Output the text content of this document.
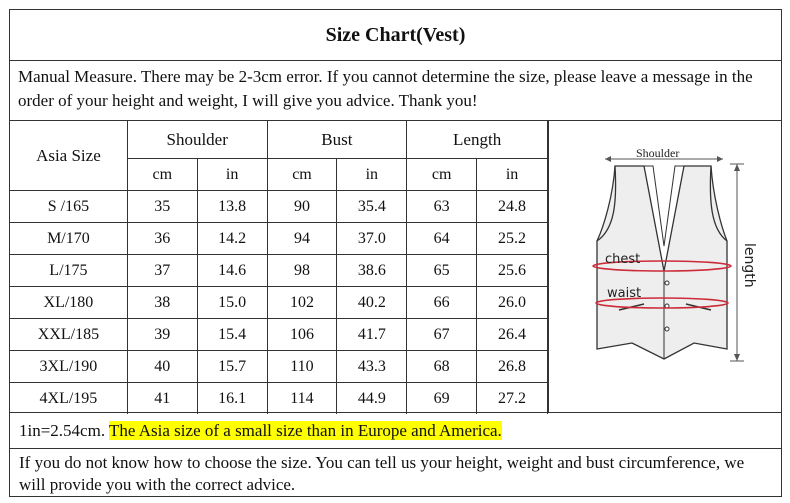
Size Chart(Vest)
Manual Measure. There may be 2-3cm error. If you cannot determine the size, please leave a message in the order of your height and weight, I will give you advice. Thank you!
Asia Size	Shoulder		Bust		Length	
	cm	in	cm	in	cm	in
S /165	35	13.8	90	35.4	63	24.8
M/170	36	14.2	94	37.0	64	25.2
L/175	37	14.6	98	38.6	65	25.6
XL/180	38	15.0	102	40.2	66	26.0
XXL/185	39	15.4	106	41.7	67	26.4
3XL/190	40	15.7	110	43.3	68	26.8
4XL/195	41	16.1	114	44.9	69	27.2
Shoulder
length
chest
waist
1in=2.54cm. The Asia size of a small size than in Europe and America.
If you do not know how to choose the size. You can tell us your height, weight and bust circumference, we will provide you with the correct advice.
